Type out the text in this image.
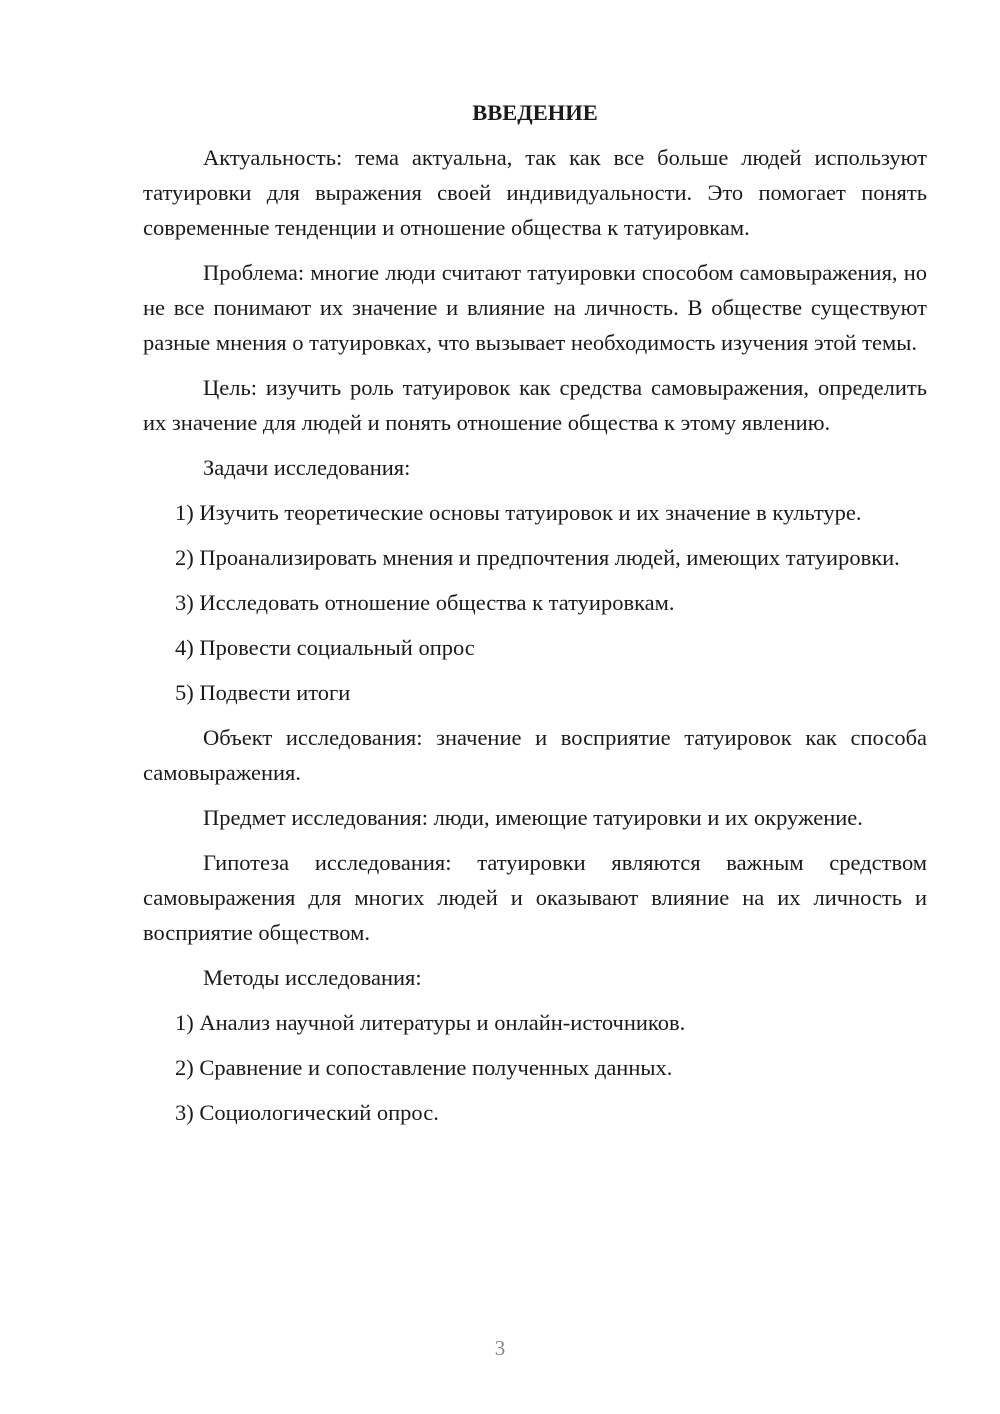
ВВЕДЕНИЕ

Актуальность: тема актуальна, так как все больше людей используют татуировки для выражения своей индивидуальности. Это помогает понять современные тенденции и отношение общества к татуировкам.

Проблема: многие люди считают татуировки способом самовыражения, но не все понимают их значение и влияние на личность. В обществе существуют разные мнения о татуировках, что вызывает необходимость изучения этой темы.

Цель: изучить роль татуировок как средства самовыражения, определить их значение для людей и понять отношение общества к этому явлению.

Задачи исследования:

1) Изучить теоретические основы татуировок и их значение в культуре.

2) Проанализировать мнения и предпочтения людей, имеющих татуировки.

3) Исследовать отношение общества к татуировкам.

4) Провести социальный опрос

5) Подвести итоги

Объект исследования: значение и восприятие татуировок как способа самовыражения.

Предмет исследования: люди, имеющие татуировки и их окружение.

Гипотеза исследования: татуировки являются важным средством самовыражения для многих людей и оказывают влияние на их личность и восприятие обществом.

Методы исследования:

1) Анализ научной литературы и онлайн-источников.

2) Сравнение и сопоставление полученных данных.

3) Социологический опрос.

3
